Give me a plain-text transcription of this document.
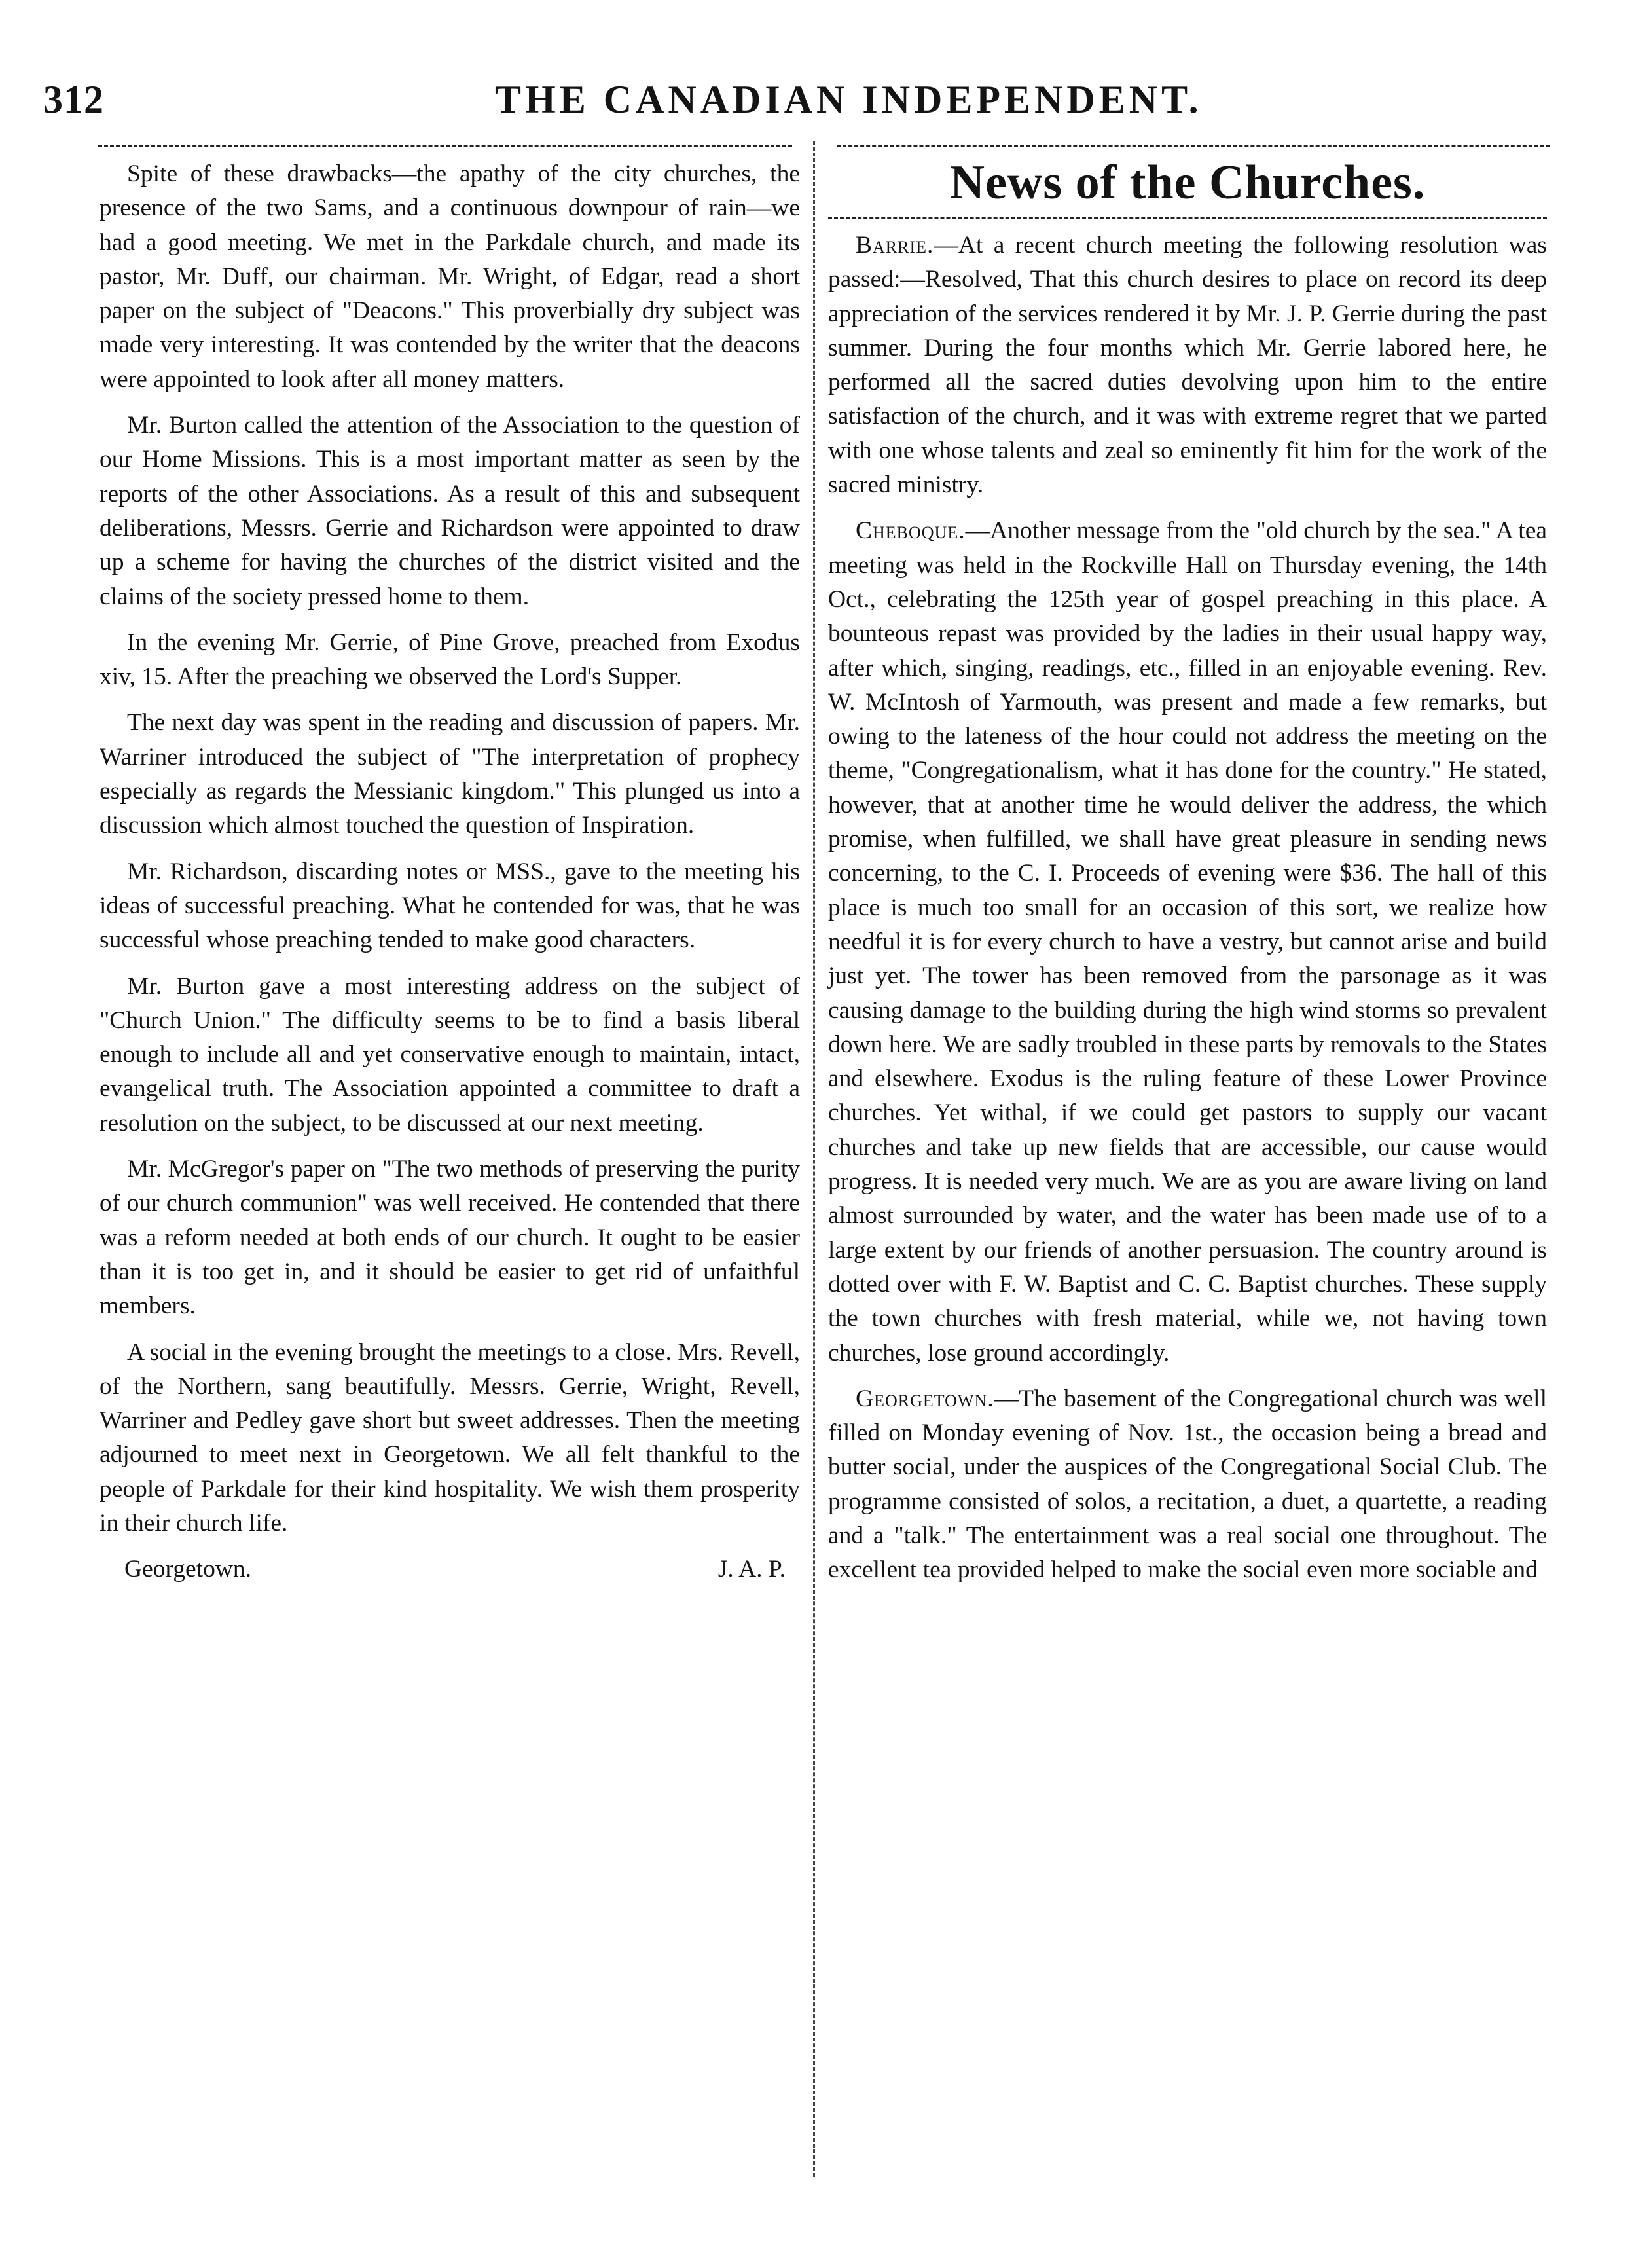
312	THE CANADIAN INDEPENDENT.

Spite of these drawbacks—the apathy of the city churches, the presence of the two Sams, and a continuous downpour of rain—we had a good meeting. We met in the Parkdale church, and made its pastor, Mr. Duff, our chairman. Mr. Wright, of Edgar, read a short paper on the subject of "Deacons." This proverbially dry subject was made very interesting. It was contended by the writer that the deacons were appointed to look after all money matters.

Mr. Burton called the attention of the Association to the question of our Home Missions. This is a most important matter as seen by the reports of the other Associations. As a result of this and subsequent deliberations, Messrs. Gerrie and Richardson were appointed to draw up a scheme for having the churches of the district visited and the claims of the society pressed home to them.

In the evening Mr. Gerrie, of Pine Grove, preached from Exodus xiv, 15. After the preaching we observed the Lord's Supper.

The next day was spent in the reading and discussion of papers. Mr. Warriner introduced the subject of "The interpretation of prophecy especially as regards the Messianic kingdom." This plunged us into a discussion which almost touched the question of Inspiration.

Mr. Richardson, discarding notes or MSS., gave to the meeting his ideas of successful preaching. What he contended for was, that he was successful whose preaching tended to make good characters.

Mr. Burton gave a most interesting address on the subject of "Church Union." The difficulty seems to be to find a basis liberal enough to include all and yet conservative enough to maintain, intact, evangelical truth. The Association appointed a committee to draft a resolution on the subject, to be discussed at our next meeting.

Mr. McGregor's paper on "The two methods of preserving the purity of our church communion" was well received. He contended that there was a reform needed at both ends of our church. It ought to be easier than it is too get in, and it should be easier to get rid of unfaithful members.

A social in the evening brought the meetings to a close. Mrs. Revell, of the Northern, sang beautifully. Messrs. Gerrie, Wright, Revell, Warriner and Pedley gave short but sweet addresses. Then the meeting adjourned to meet next in Georgetown. We all felt thankful to the people of Parkdale for their kind hospitality. We wish them prosperity in their church life.

Georgetown.	J. A. P.

News of the Churches.

Barrie.—At a recent church meeting the following resolution was passed:—Resolved, That this church desires to place on record its deep appreciation of the services rendered it by Mr. J. P. Gerrie during the past summer. During the four months which Mr. Gerrie labored here, he performed all the sacred duties devolving upon him to the entire satisfaction of the church, and it was with extreme regret that we parted with one whose talents and zeal so eminently fit him for the work of the sacred ministry.

Cheboque.—Another message from the "old church by the sea." A tea meeting was held in the Rockville Hall on Thursday evening, the 14th Oct., celebrating the 125th year of gospel preaching in this place. A bounteous repast was provided by the ladies in their usual happy way, after which, singing, readings, etc., filled in an enjoyable evening. Rev. W. McIntosh of Yarmouth, was present and made a few remarks, but owing to the lateness of the hour could not address the meeting on the theme, "Congregationalism, what it has done for the country." He stated, however, that at another time he would deliver the address, the which promise, when fulfilled, we shall have great pleasure in sending news concerning, to the C. I. Proceeds of evening were $36. The hall of this place is much too small for an occasion of this sort, we realize how needful it is for every church to have a vestry, but cannot arise and build just yet. The tower has been removed from the parsonage as it was causing damage to the building during the high wind storms so prevalent down here. We are sadly troubled in these parts by removals to the States and elsewhere. Exodus is the ruling feature of these Lower Province churches. Yet withal, if we could get pastors to supply our vacant churches and take up new fields that are accessible, our cause would progress. It is needed very much. We are as you are aware living on land almost surrounded by water, and the water has been made use of to a large extent by our friends of another persuasion. The country around is dotted over with F. W. Baptist and C. C. Baptist churches. These supply the town churches with fresh material, while we, not having town churches, lose ground accordingly.

Georgetown.—The basement of the Congregational church was well filled on Monday evening of Nov. 1st., the occasion being a bread and butter social, under the auspices of the Congregational Social Club. The programme consisted of solos, a recitation, a duet, a quartette, a reading and a "talk." The entertainment was a real social one throughout. The excellent tea provided helped to make the social even more sociable and
